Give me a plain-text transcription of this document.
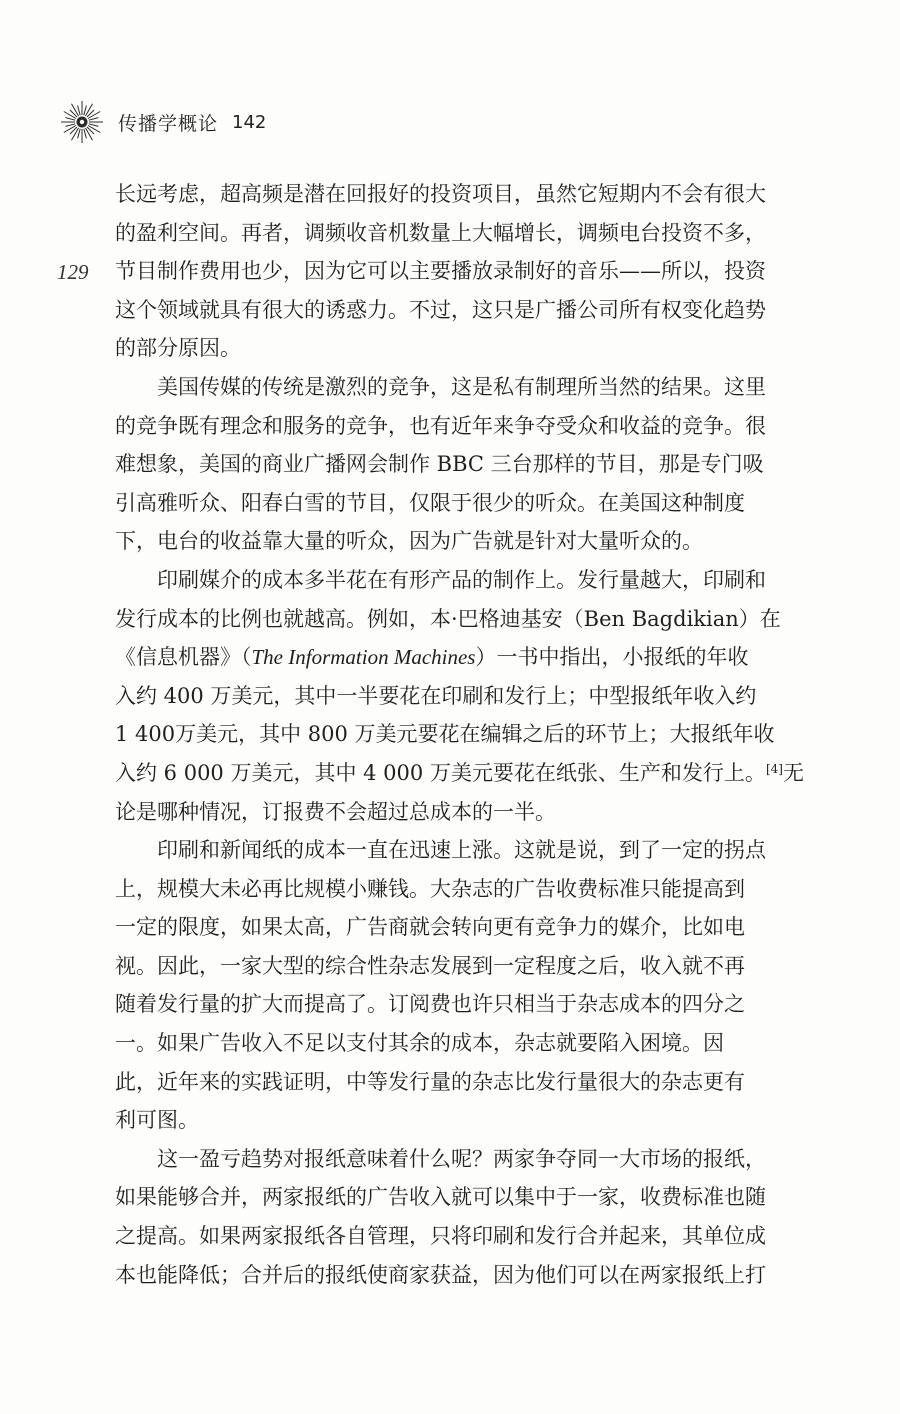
传播学概论 142
129
长远考虑，超高频是潜在回报好的投资项目，虽然它短期内不会有很大
的盈利空间。再者，调频收音机数量上大幅增长，调频电台投资不多，
节目制作费用也少，因为它可以主要播放录制好的音乐——所以，投资
这个领域就具有很大的诱惑力。不过，这只是广播公司所有权变化趋势
的部分原因。
美国传媒的传统是激烈的竞争，这是私有制理所当然的结果。这里
的竞争既有理念和服务的竞争，也有近年来争夺受众和收益的竞争。很
难想象，美国的商业广播网会制作 BBC 三台那样的节目，那是专门吸
引高雅听众、阳春白雪的节目，仅限于很少的听众。在美国这种制度
下，电台的收益靠大量的听众，因为广告就是针对大量听众的。
印刷媒介的成本多半花在有形产品的制作上。发行量越大，印刷和
发行成本的比例也就越高。例如，本·巴格迪基安（Ben Bagdikian）在
《信息机器》（The Information Machines）一书中指出，小报纸的年收
入约 400 万美元，其中一半要花在印刷和发行上；中型报纸年收入约
1 400万美元，其中 800 万美元要花在编辑之后的环节上；大报纸年收
入约 6 000 万美元，其中 4 000 万美元要花在纸张、生产和发行上。[4]无
论是哪种情况，订报费不会超过总成本的一半。
印刷和新闻纸的成本一直在迅速上涨。这就是说，到了一定的拐点
上，规模大未必再比规模小赚钱。大杂志的广告收费标准只能提高到
一定的限度，如果太高，广告商就会转向更有竞争力的媒介，比如电
视。因此，一家大型的综合性杂志发展到一定程度之后，收入就不再
随着发行量的扩大而提高了。订阅费也许只相当于杂志成本的四分之
一。如果广告收入不足以支付其余的成本，杂志就要陷入困境。因
此，近年来的实践证明，中等发行量的杂志比发行量很大的杂志更有
利可图。
这一盈亏趋势对报纸意味着什么呢？两家争夺同一大市场的报纸，
如果能够合并，两家报纸的广告收入就可以集中于一家，收费标准也随
之提高。如果两家报纸各自管理，只将印刷和发行合并起来，其单位成
本也能降低；合并后的报纸使商家获益，因为他们可以在两家报纸上打
